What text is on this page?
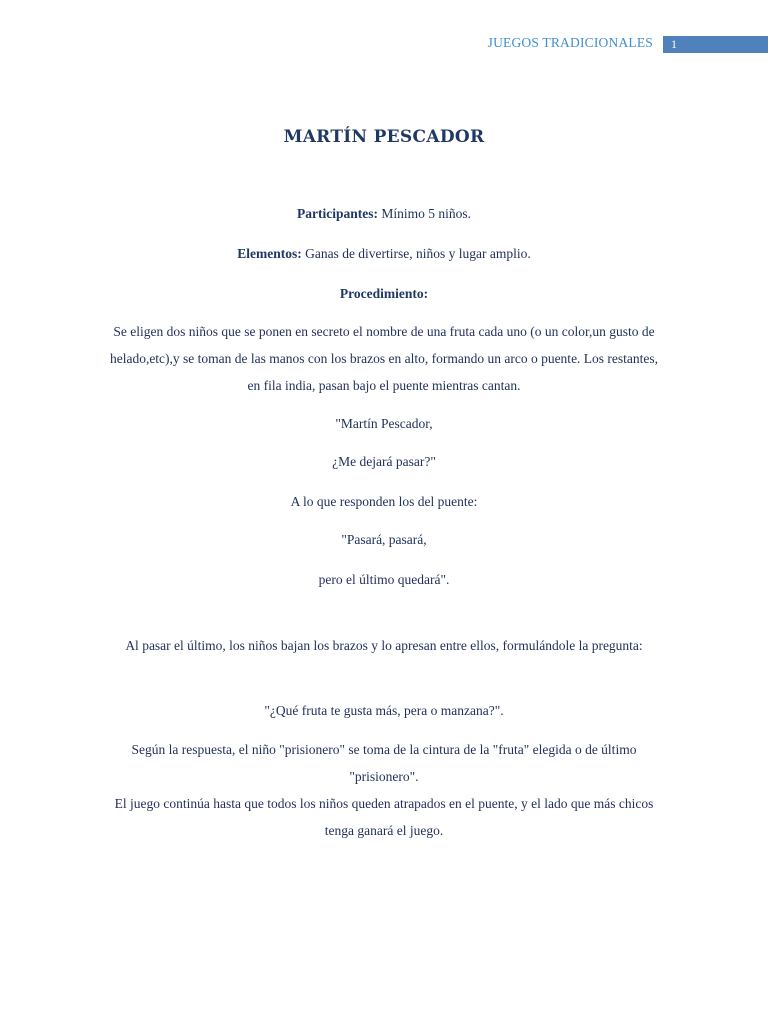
JUEGOS TRADICIONALES	1
MARTÍN PESCADOR
Participantes: Mínimo 5 niños.
Elementos: Ganas de divertirse, niños y lugar amplio.
Procedimiento:
Se eligen dos niños que se ponen en secreto el nombre de una fruta cada uno (o un color,un gusto de helado,etc),y se toman de las manos con los brazos en alto, formando un arco o puente. Los restantes, en fila india, pasan bajo el puente mientras cantan.
"Martín Pescador,
¿Me dejará pasar?"
A lo que responden los del puente:
"Pasará, pasará,
pero el último quedará".
Al pasar el último, los niños bajan los brazos y lo apresan entre ellos, formulándole la pregunta:
"¿Qué fruta te gusta más, pera o manzana?".
Según la respuesta, el niño "prisionero" se toma de la cintura de la "fruta" elegida o de último "prisionero".
El juego continúa hasta que todos los niños queden atrapados en el puente, y el lado que más chicos tenga ganará el juego.
